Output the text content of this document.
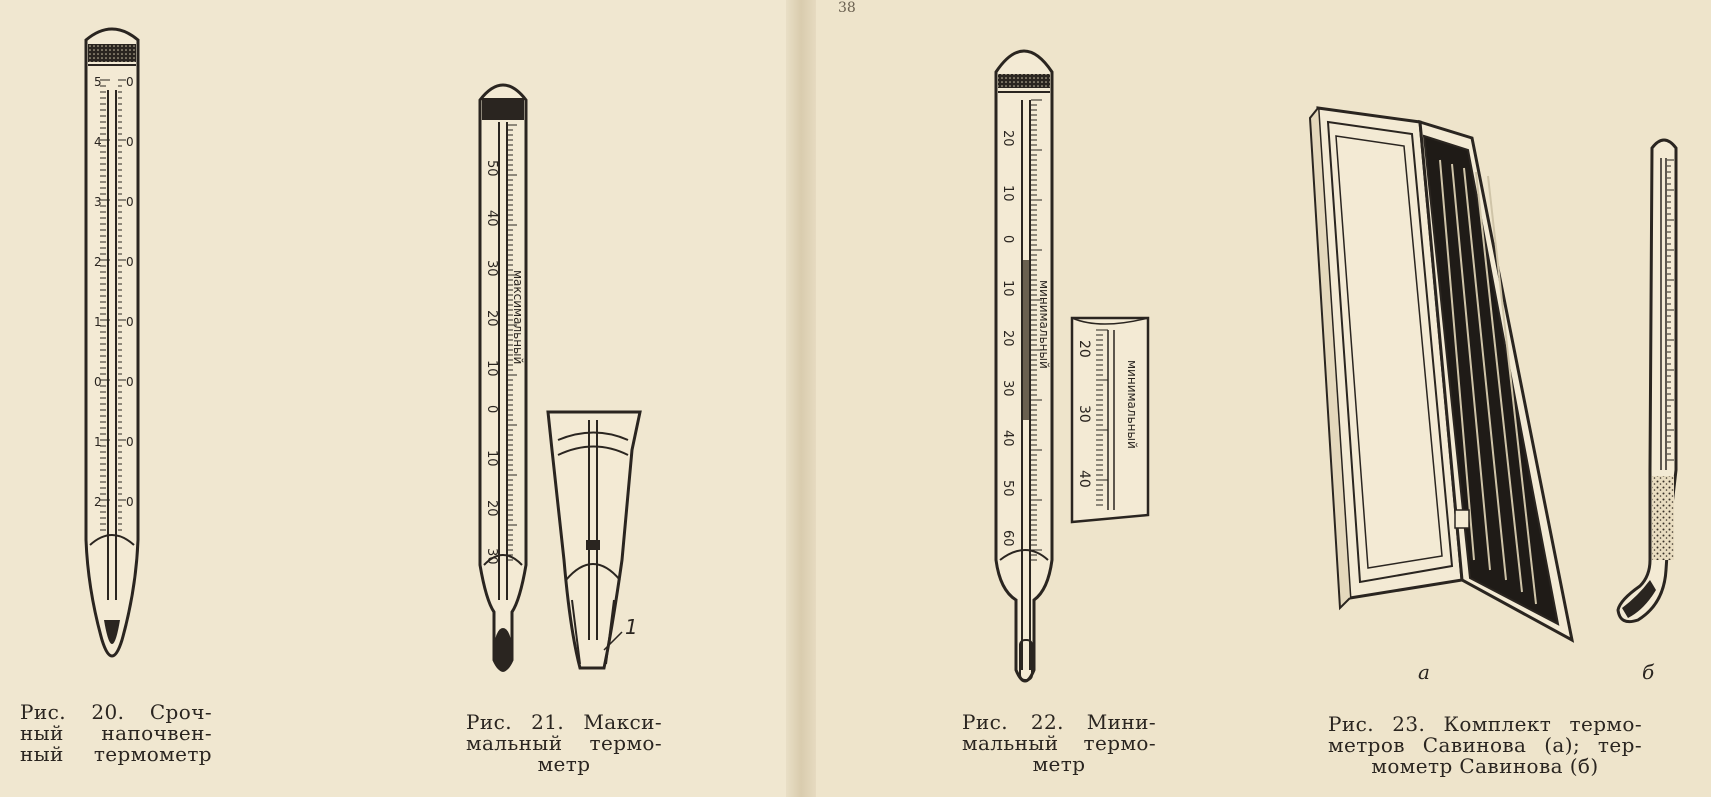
38
5
4
3
2
1
0
1
2
0
0
0
0
0
0
0
0
50
40
30
20
10
0
10
20
30
максимальный
1
20
10
0
10
20
30
40
50
60
минимальный 20
30
40
минимальный
а	б
Рис. 20. Сроч-
ный напочвен-
ный термометр
Рис. 21. Макси-
мальный термо-
метр
Рис. 22. Мини-
мальный термо-
метр
Рис. 23. Комплект термо-
метров Савинова (а); тер-
мометр Савинова (б)
